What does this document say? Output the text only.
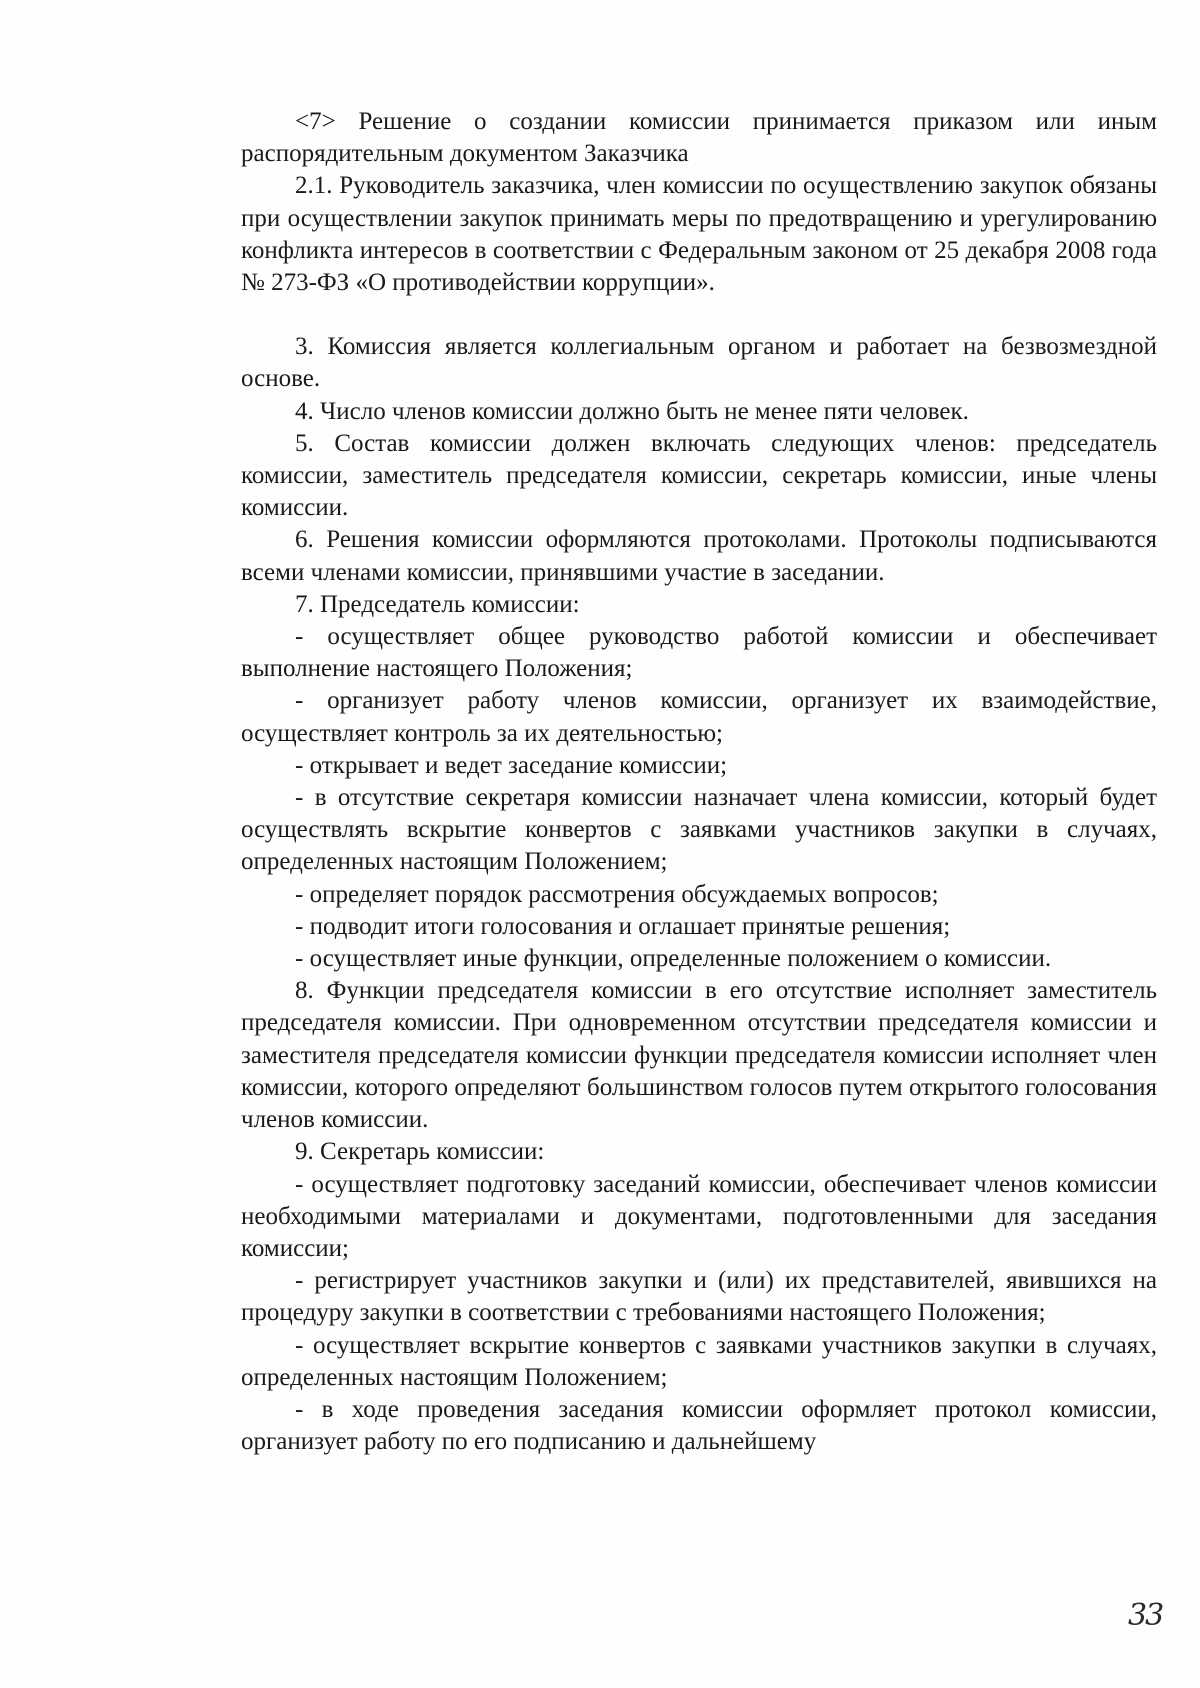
<7> Решение о создании комиссии принимается приказом или иным распорядительным документом Заказчика

2.1. Руководитель заказчика, член комиссии по осуществлению закупок обязаны при осуществлении закупок принимать меры по предотвращению и урегулированию конфликта интересов в соответствии с Федеральным законом от 25 декабря 2008 года № 273-ФЗ «О противодействии коррупции».

3. Комиссия является коллегиальным органом и работает на безвозмездной основе.

4. Число членов комиссии должно быть не менее пяти человек.

5. Состав комиссии должен включать следующих членов: председатель комиссии, заместитель председателя комиссии, секретарь комиссии, иные члены комиссии.

6. Решения комиссии оформляются протоколами. Протоколы подписываются всеми членами комиссии, принявшими участие в заседании.

7. Председатель комиссии:

- осуществляет общее руководство работой комиссии и обеспечивает выполнение настоящего Положения;

- организует работу членов комиссии, организует их взаимодействие, осуществляет контроль за их деятельностью;

- открывает и ведет заседание комиссии;

- в отсутствие секретаря комиссии назначает члена комиссии, который будет осуществлять вскрытие конвертов с заявками участников закупки в случаях, определенных настоящим Положением;

- определяет порядок рассмотрения обсуждаемых вопросов;

- подводит итоги голосования и оглашает принятые решения;

- осуществляет иные функции, определенные положением о комиссии.

8. Функции председателя комиссии в его отсутствие исполняет заместитель председателя комиссии. При одновременном отсутствии председателя комиссии и заместителя председателя комиссии функции председателя комиссии исполняет член комиссии, которого определяют большинством голосов путем открытого голосования членов комиссии.

9. Секретарь комиссии:

- осуществляет подготовку заседаний комиссии, обеспечивает членов комиссии необходимыми материалами и документами, подготовленными для заседания комиссии;

- регистрирует участников закупки и (или) их представителей, явившихся на процедуру закупки в соответствии с требованиями настоящего Положения;

- осуществляет вскрытие конвертов с заявками участников закупки в случаях, определенных настоящим Положением;

- в ходе проведения заседания комиссии оформляет протокол комиссии, организует работу по его подписанию и дальнейшему

33
